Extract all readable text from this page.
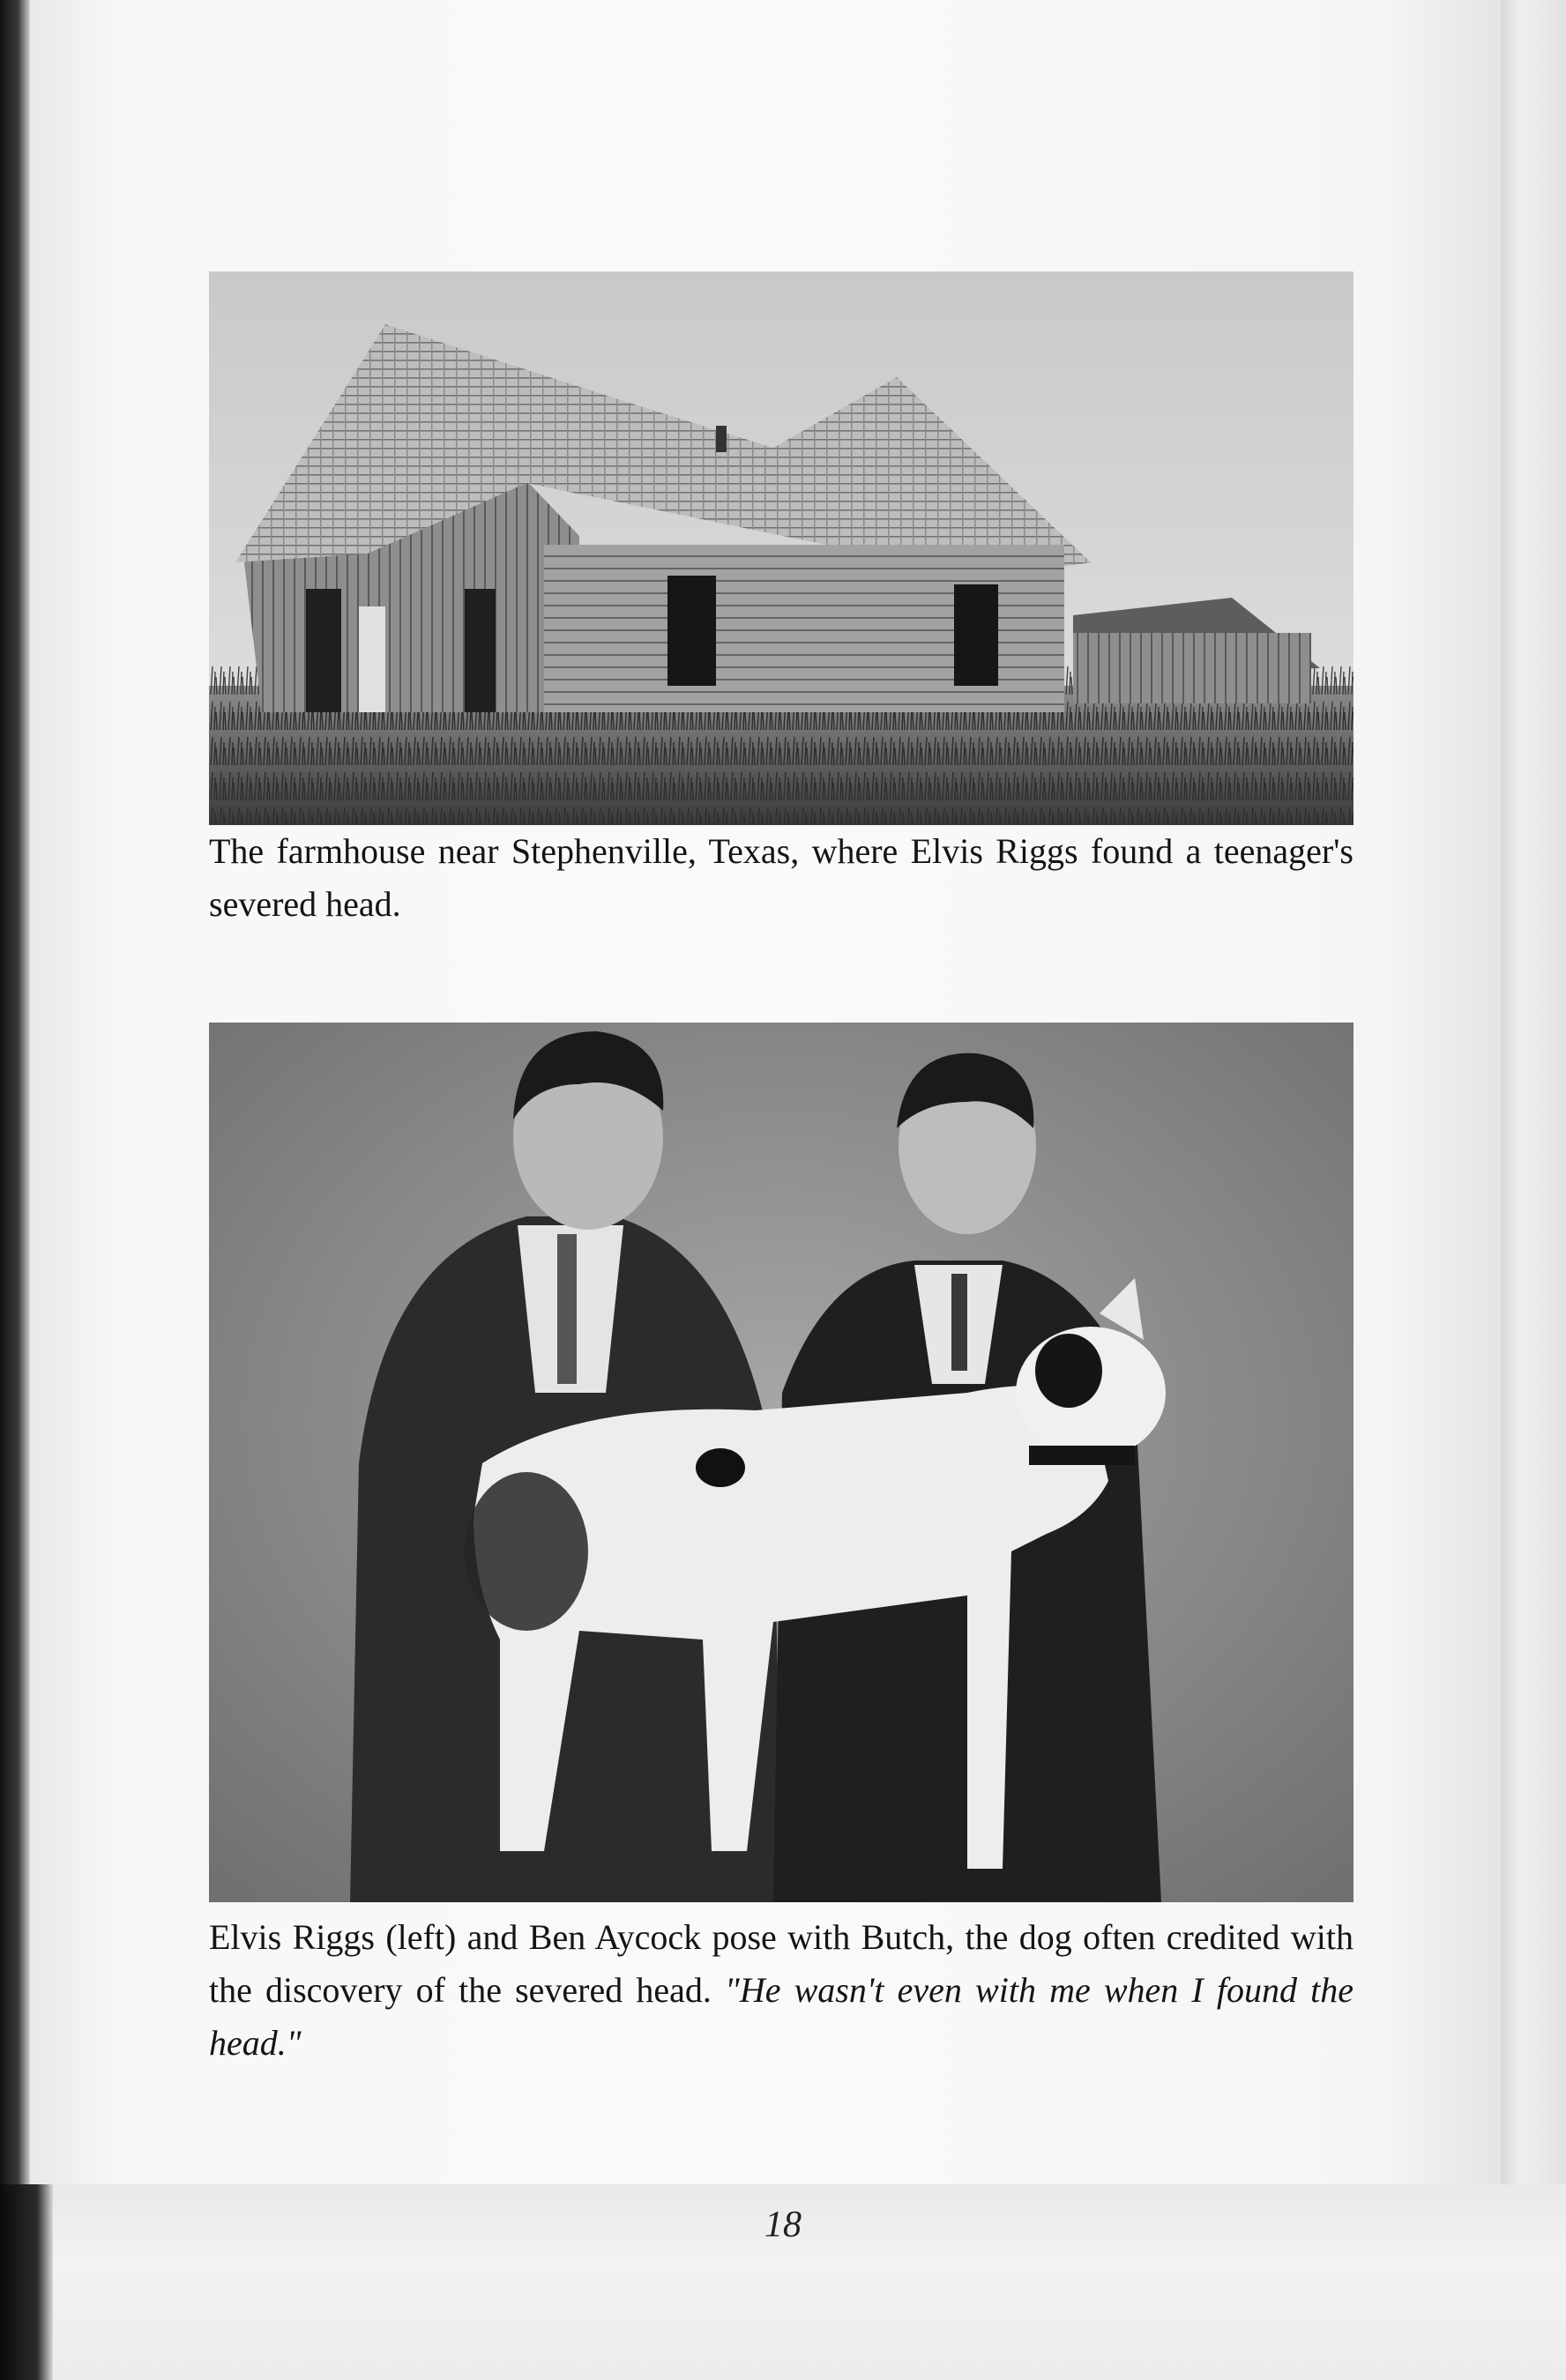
The farmhouse near Stephenville, Texas, where Elvis Riggs found a teenager's severed head.
Elvis Riggs (left) and Ben Aycock pose with Butch, the dog often credited with the discovery of the severed head. "He wasn't even with me when I found the head."
18
